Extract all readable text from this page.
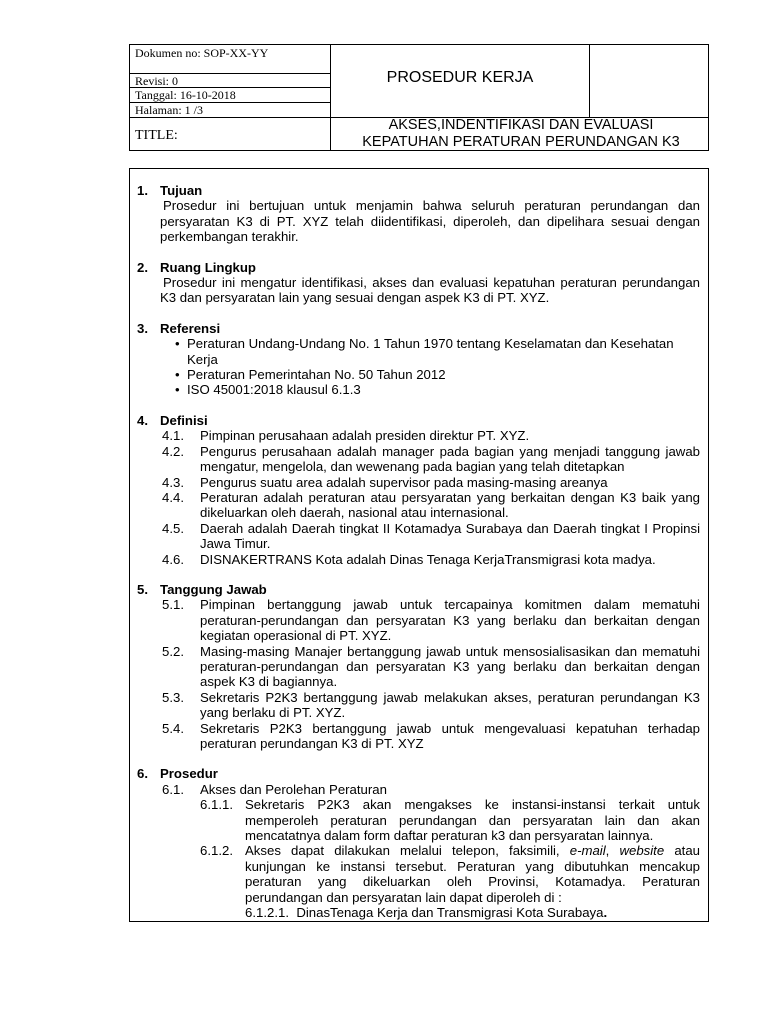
Dokumen no: SOP-XX-YY
Revisi: 0
Tanggal: 16-10-2018
Halaman: 1 /3
PROSEDUR KERJA
TITLE:
AKSES,INDENTIFIKASI DAN EVALUASI
KEPATUHAN PERATURAN PERUNDANGAN K3
1. Tujuan
Prosedur ini bertujuan untuk menjamin bahwa seluruh peraturan perundangan dan persyaratan K3 di PT. XYZ telah diidentifikasi, diperoleh, dan dipelihara sesuai dengan perkembangan terakhir.
2. Ruang Lingkup
Prosedur ini mengatur identifikasi, akses dan evaluasi kepatuhan peraturan perundangan K3 dan persyaratan lain yang sesuai dengan aspek K3 di PT. XYZ.
3. Referensi
• Peraturan Undang-Undang No. 1 Tahun 1970 tentang Keselamatan dan Kesehatan Kerja
• Peraturan Pemerintahan No. 50 Tahun 2012
• ISO 45001:2018 klausul 6.1.3
4. Definisi
4.1. Pimpinan perusahaan adalah presiden direktur PT. XYZ.
4.2. Pengurus perusahaan adalah manager pada bagian yang menjadi tanggung jawab mengatur, mengelola, dan wewenang pada bagian yang telah ditetapkan
4.3. Pengurus suatu area adalah supervisor pada masing-masing areanya
4.4. Peraturan adalah peraturan atau persyaratan yang berkaitan dengan K3 baik yang dikeluarkan oleh daerah, nasional atau internasional.
4.5. Daerah adalah Daerah tingkat II Kotamadya Surabaya dan Daerah tingkat I Propinsi Jawa Timur.
4.6. DISNAKERTRANS Kota adalah Dinas Tenaga KerjaTransmigrasi kota madya.
5. Tanggung Jawab
5.1. Pimpinan bertanggung jawab untuk tercapainya komitmen dalam mematuhi peraturan-perundangan dan persyaratan K3 yang berlaku dan berkaitan dengan kegiatan operasional di PT. XYZ.
5.2. Masing-masing Manajer bertanggung jawab untuk mensosialisasikan dan mematuhi peraturan-perundangan dan persyaratan K3 yang berlaku dan berkaitan dengan aspek K3 di bagiannya.
5.3. Sekretaris P2K3 bertanggung jawab melakukan akses, peraturan perundangan K3 yang berlaku di PT. XYZ.
5.4. Sekretaris P2K3 bertanggung jawab untuk mengevaluasi kepatuhan terhadap peraturan perundangan K3 di PT. XYZ
6. Prosedur
6.1. Akses dan Perolehan Peraturan
6.1.1. Sekretaris P2K3 akan mengakses ke instansi-instansi terkait untuk memperoleh peraturan perundangan dan persyaratan lain dan akan mencatatnya dalam form daftar peraturan k3 dan persyaratan lainnya.
6.1.2. Akses dapat dilakukan melalui telepon, faksimili, e-mail, website atau kunjungan ke instansi tersebut. Peraturan yang dibutuhkan mencakup peraturan yang dikeluarkan oleh Provinsi, Kotamadya. Peraturan perundangan dan persyaratan lain dapat diperoleh di :
6.1.2.1. DinasTenaga Kerja dan Transmigrasi Kota Surabaya.
